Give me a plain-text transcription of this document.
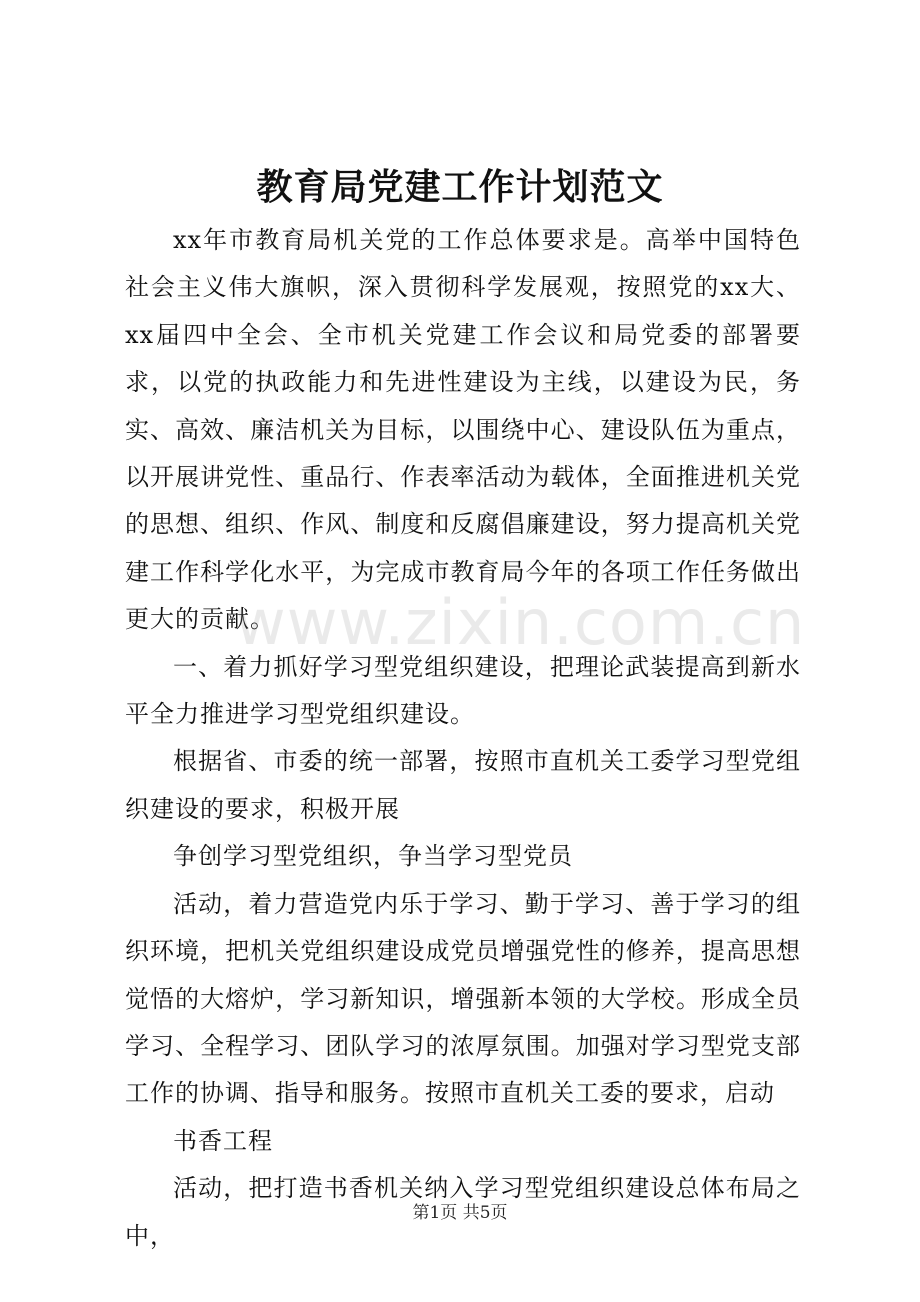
教育局党建工作计划范文

xx年市教育局机关党的工作总体要求是。高举中国特色社会主义伟大旗帜，深入贯彻科学发展观，按照党的xx大、xx届四中全会、全市机关党建工作会议和局党委的部署要求，以党的执政能力和先进性建设为主线，以建设为民，务实、高效、廉洁机关为目标，以围绕中心、建设队伍为重点，以开展讲党性、重品行、作表率活动为载体，全面推进机关党的思想、组织、作风、制度和反腐倡廉建设，努力提高机关党建工作科学化水平，为完成市教育局今年的各项工作任务做出更大的贡献。

一、着力抓好学习型党组织建设，把理论武装提高到新水平全力推进学习型党组织建设。

根据省、市委的统一部署，按照市直机关工委学习型党组织建设的要求，积极开展

争创学习型党组织，争当学习型党员

活动，着力营造党内乐于学习、勤于学习、善于学习的组织环境，把机关党组织建设成党员增强党性的修养，提高思想觉悟的大熔炉，学习新知识，增强新本领的大学校。形成全员学习、全程学习、团队学习的浓厚氛围。加强对学习型党支部工作的协调、指导和服务。按照市直机关工委的要求，启动

书香工程

活动，把打造书香机关纳入学习型党组织建设总体布局之中，

www.zixin.com.cn
第1页 共5页
